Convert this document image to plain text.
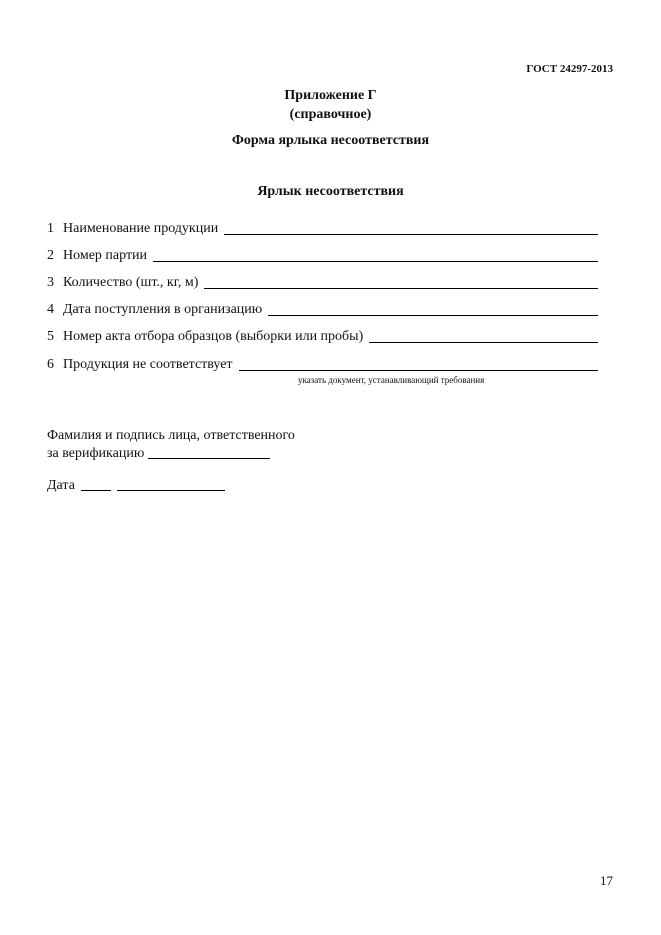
ГОСТ 24297-2013
Приложение Г
(справочное)
Форма ярлыка несоответствия
Ярлык несоответствия
1 Наименование продукции
2 Номер партии
3 Количество (шт., кг, м)
4 Дата поступления в организацию
5 Номер акта отбора образцов (выборки или пробы)
6 Продукция не соответствует
указать документ, устанавливающий требования
Фамилия и подпись лица, ответственного
за верификацию
Дата
17
